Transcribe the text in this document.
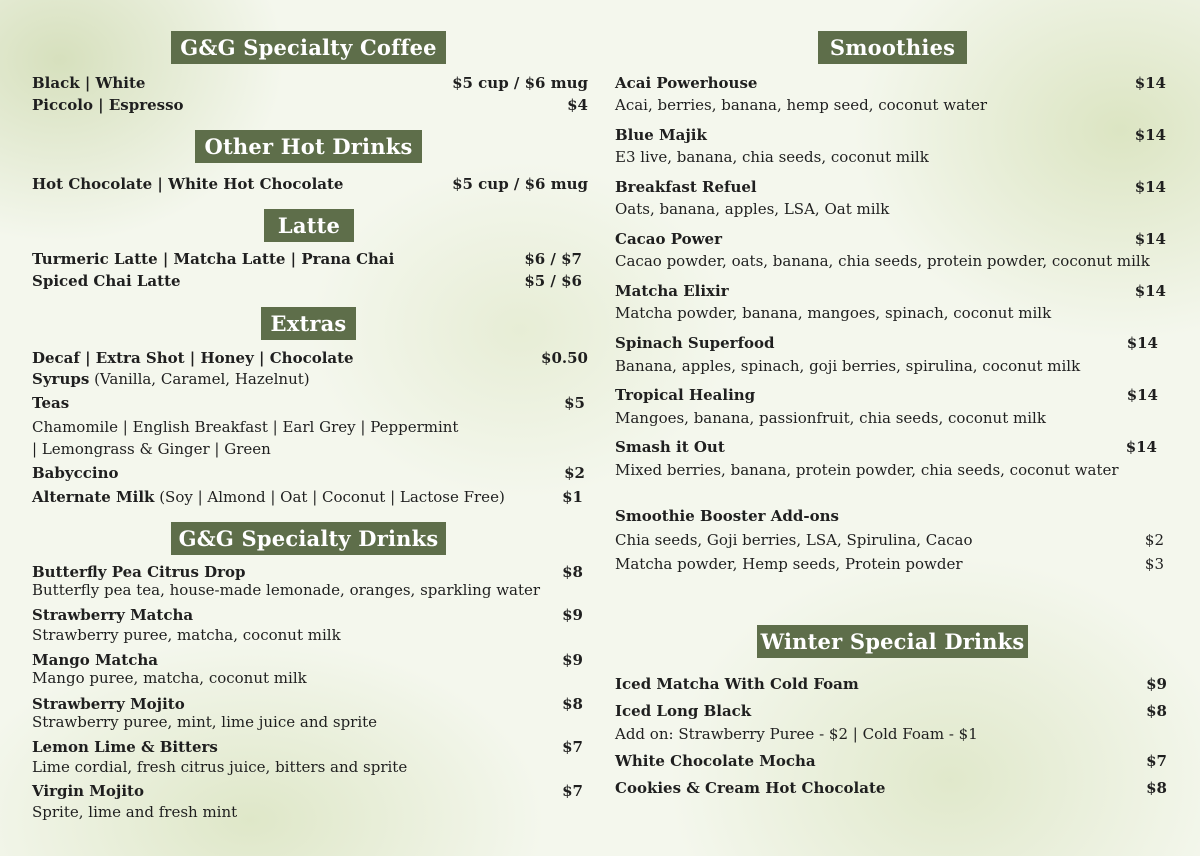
G&G Specialty Coffee
Black | White	$5 cup / $6 mug
Piccolo | Espresso	$4
Other Hot Drinks
Hot Chocolate | White Hot Chocolate	$5 cup / $6 mug
Latte
Turmeric Latte | Matcha Latte | Prana Chai	$6 / $7
Spiced Chai Latte	$5 / $6
Extras
Decaf | Extra Shot | Honey | Chocolate	$0.50
Syrups (Vanilla, Caramel, Hazelnut)
Teas	$5
Chamomile | English Breakfast | Earl Grey | Peppermint
| Lemongrass & Ginger | Green
Babyccino	$2
Alternate Milk (Soy | Almond | Oat | Coconut | Lactose Free)	$1
G&G Specialty Drinks
Butterfly Pea Citrus Drop	$8
Butterfly pea tea, house-made lemonade, oranges, sparkling water
Strawberry Matcha	$9
Strawberry puree, matcha, coconut milk
Mango Matcha	$9
Mango puree, matcha, coconut milk
Strawberry Mojito	$8
Strawberry puree, mint, lime juice and sprite
Lemon Lime & Bitters	$7
Lime cordial, fresh citrus juice, bitters and sprite
Virgin Mojito	$7
Sprite, lime and fresh mint
Smoothies
Acai Powerhouse	$14
Acai, berries, banana, hemp seed, coconut water
Blue Majik	$14
E3 live, banana, chia seeds, coconut milk
Breakfast Refuel	$14
Oats, banana, apples, LSA, Oat milk
Cacao Power	$14
Cacao powder, oats, banana, chia seeds, protein powder, coconut milk
Matcha Elixir	$14
Matcha powder, banana, mangoes, spinach, coconut milk
Spinach Superfood	$14
Banana, apples, spinach, goji berries, spirulina, coconut milk
Tropical Healing	$14
Mangoes, banana, passionfruit, chia seeds, coconut milk
Smash it Out	$14
Mixed berries, banana, protein powder, chia seeds, coconut water
Smoothie Booster Add-ons
Chia seeds, Goji berries, LSA, Spirulina, Cacao	$2
Matcha powder, Hemp seeds, Protein powder	$3
Winter Special Drinks
Iced Matcha With Cold Foam	$9
Iced Long Black	$8
Add on: Strawberry Puree - $2 | Cold Foam - $1
White Chocolate Mocha	$7
Cookies & Cream Hot Chocolate	$8
